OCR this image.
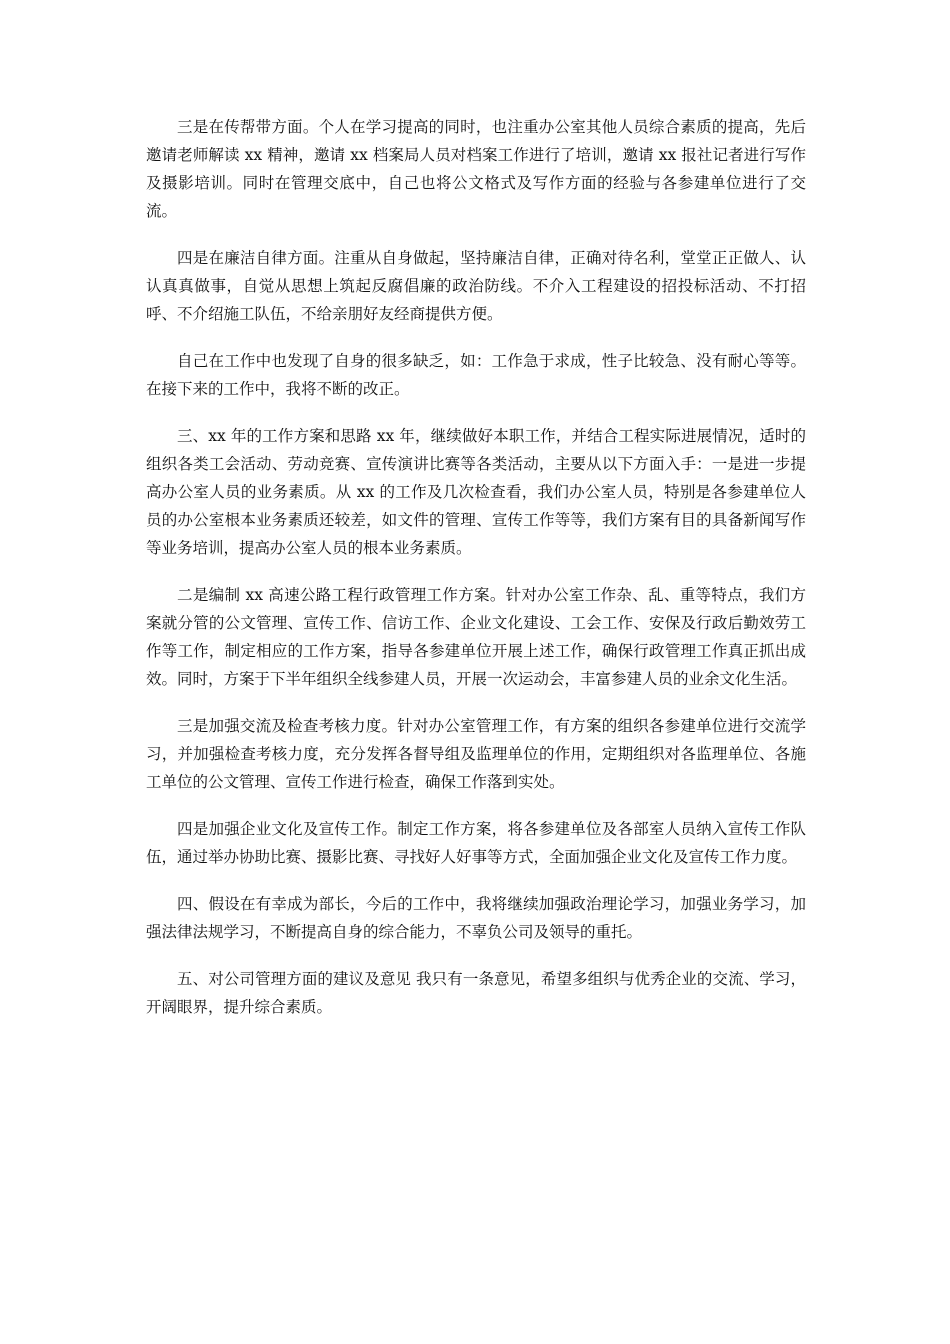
三是在传帮带方面。个人在学习提高的同时，也注重办公室其他人员综合素质的提高，先后邀请老师解读 xx 精神，邀请 xx 档案局人员对档案工作进行了培训，邀请 xx 报社记者进行写作及摄影培训。同时在管理交底中，自己也将公文格式及写作方面的经验与各参建单位进行了交流。

四是在廉洁自律方面。注重从自身做起，坚持廉洁自律，正确对待名利，堂堂正正做人、认认真真做事，自觉从思想上筑起反腐倡廉的政治防线。不介入工程建设的招投标活动、不打招呼、不介绍施工队伍，不给亲朋好友经商提供方便。

自己在工作中也发现了自身的很多缺乏，如：工作急于求成，性子比较急、没有耐心等等。在接下来的工作中，我将不断的改正。

三、xx 年的工作方案和思路 xx 年，继续做好本职工作，并结合工程实际进展情况，适时的组织各类工会活动、劳动竞赛、宣传演讲比赛等各类活动，主要从以下方面入手：一是进一步提高办公室人员的业务素质。从 xx 的工作及几次检查看，我们办公室人员，特别是各参建单位人员的办公室根本业务素质还较差，如文件的管理、宣传工作等等，我们方案有目的具备新闻写作等业务培训，提高办公室人员的根本业务素质。

二是编制 xx 高速公路工程行政管理工作方案。针对办公室工作杂、乱、重等特点，我们方案就分管的公文管理、宣传工作、信访工作、企业文化建设、工会工作、安保及行政后勤效劳工作等工作，制定相应的工作方案，指导各参建单位开展上述工作，确保行政管理工作真正抓出成效。同时，方案于下半年组织全线参建人员，开展一次运动会，丰富参建人员的业余文化生活。

三是加强交流及检查考核力度。针对办公室管理工作，有方案的组织各参建单位进行交流学习，并加强检查考核力度，充分发挥各督导组及监理单位的作用，定期组织对各监理单位、各施工单位的公文管理、宣传工作进行检查，确保工作落到实处。

四是加强企业文化及宣传工作。制定工作方案，将各参建单位及各部室人员纳入宣传工作队伍，通过举办协助比赛、摄影比赛、寻找好人好事等方式，全面加强企业文化及宣传工作力度。

四、假设在有幸成为部长，今后的工作中，我将继续加强政治理论学习，加强业务学习，加强法律法规学习，不断提高自身的综合能力，不辜负公司及领导的重托。

五、对公司管理方面的建议及意见 我只有一条意见，希望多组织与优秀企业的交流、学习，开阔眼界，提升综合素质。
